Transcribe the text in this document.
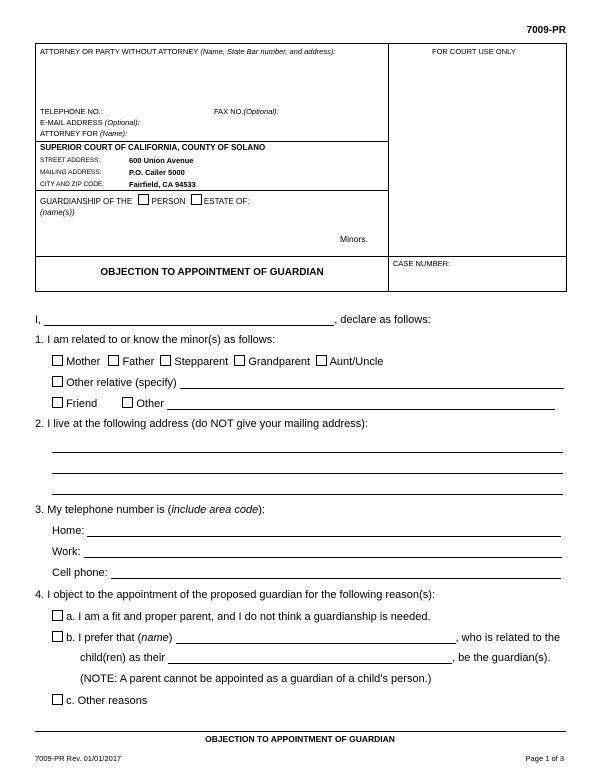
7009-PR
ATTORNEY OR PARTY WITHOUT ATTORNEY (Name, State Bar number, and address):	FOR COURT USE ONLY
TELEPHONE NO.:	FAX NO.(Optional):
E-MAIL ADDRESS (Optional):
ATTORNEY FOR (Name):
SUPERIOR COURT OF CALIFORNIA, COUNTY OF SOLANO
STREET ADDRESS:	600 Union Avenue
MAILING ADDRESS:	P.O. Caller 5000
CITY AND ZIP CODE:	Fairfield, CA 94533
GUARDIANSHIP OF THE PERSON ESTATE OF:
(name(s))
Minors.
OBJECTION TO APPOINTMENT OF GUARDIAN
CASE NUMBER:
I,	, declare as follows:
1. I am related to or know the minor(s) as follows:
Mother Father Stepparent Grandparent Aunt/Uncle
Other relative (specify)
Friend	Other
2. I live at the following address (do NOT give your mailing address):
3. My telephone number is (include area code):
Home:
Work:
Cell phone:
4. I object to the appointment of the proposed guardian for the following reason(s):
a. I am a fit and proper parent, and I do not think a guardianship is needed.
b. I prefer that (name)	, who is related to the
child(ren) as their	, be the guardian(s).
(NOTE: A parent cannot be appointed as a guardian of a child’s person.)
c. Other reasons
OBJECTION TO APPOINTMENT OF GUARDIAN
7009-PR Rev. 01/01/2017	Page 1 of 3
